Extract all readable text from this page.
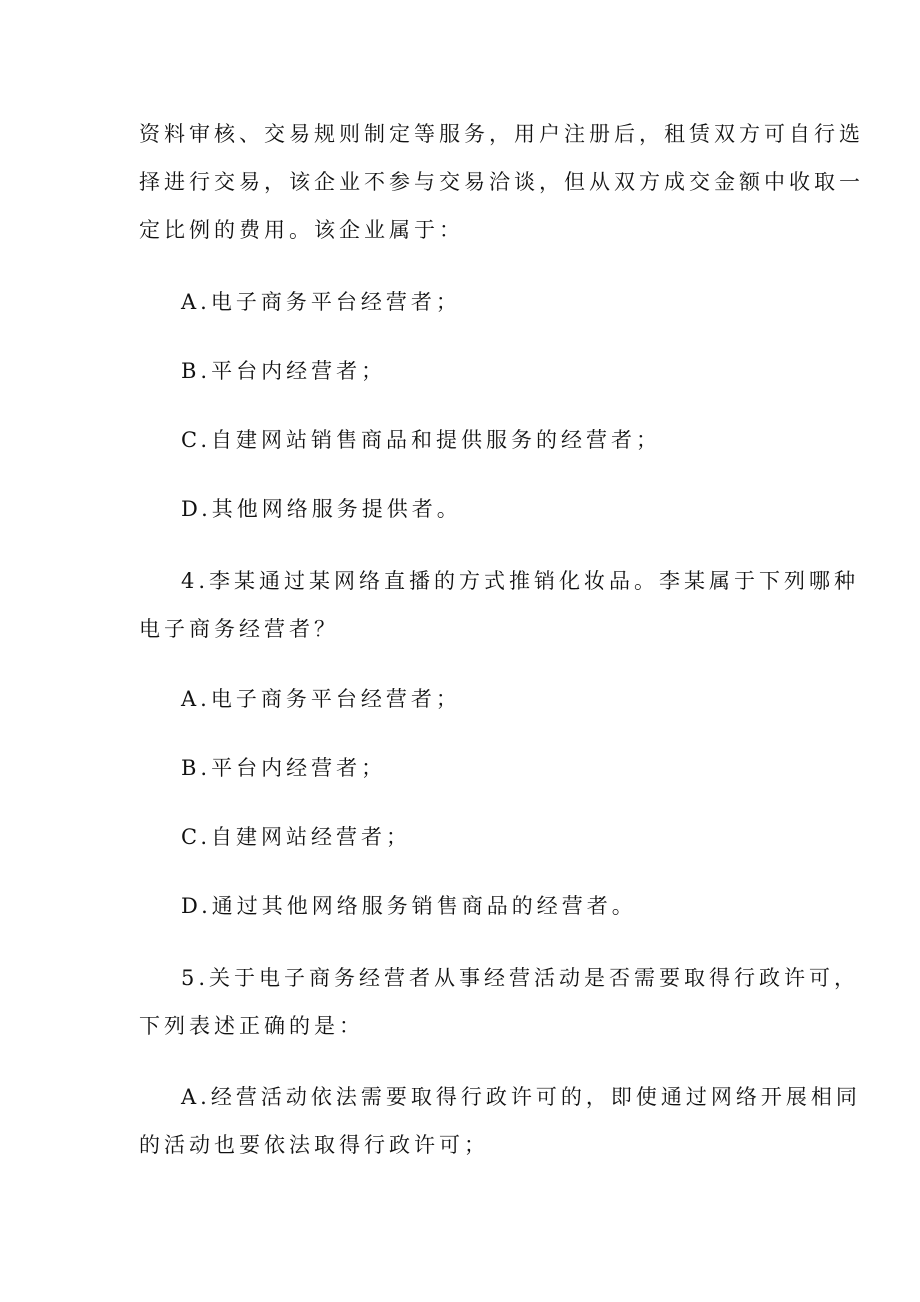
资料审核、交易规则制定等服务，用户注册后，租赁双方可自行选

择进行交易，该企业不参与交易洽谈，但从双方成交金额中收取一

定比例的费用。该企业属于：

A.电子商务平台经营者；

B.平台内经营者；

C.自建网站销售商品和提供服务的经营者；

D.其他网络服务提供者。

4.李某通过某网络直播的方式推销化妆品。李某属于下列哪种

电子商务经营者？

A.电子商务平台经营者；

B.平台内经营者；

C.自建网站经营者；

D.通过其他网络服务销售商品的经营者。

5.关于电子商务经营者从事经营活动是否需要取得行政许可，

下列表述正确的是：

A.经营活动依法需要取得行政许可的，即使通过网络开展相同

的活动也要依法取得行政许可；
